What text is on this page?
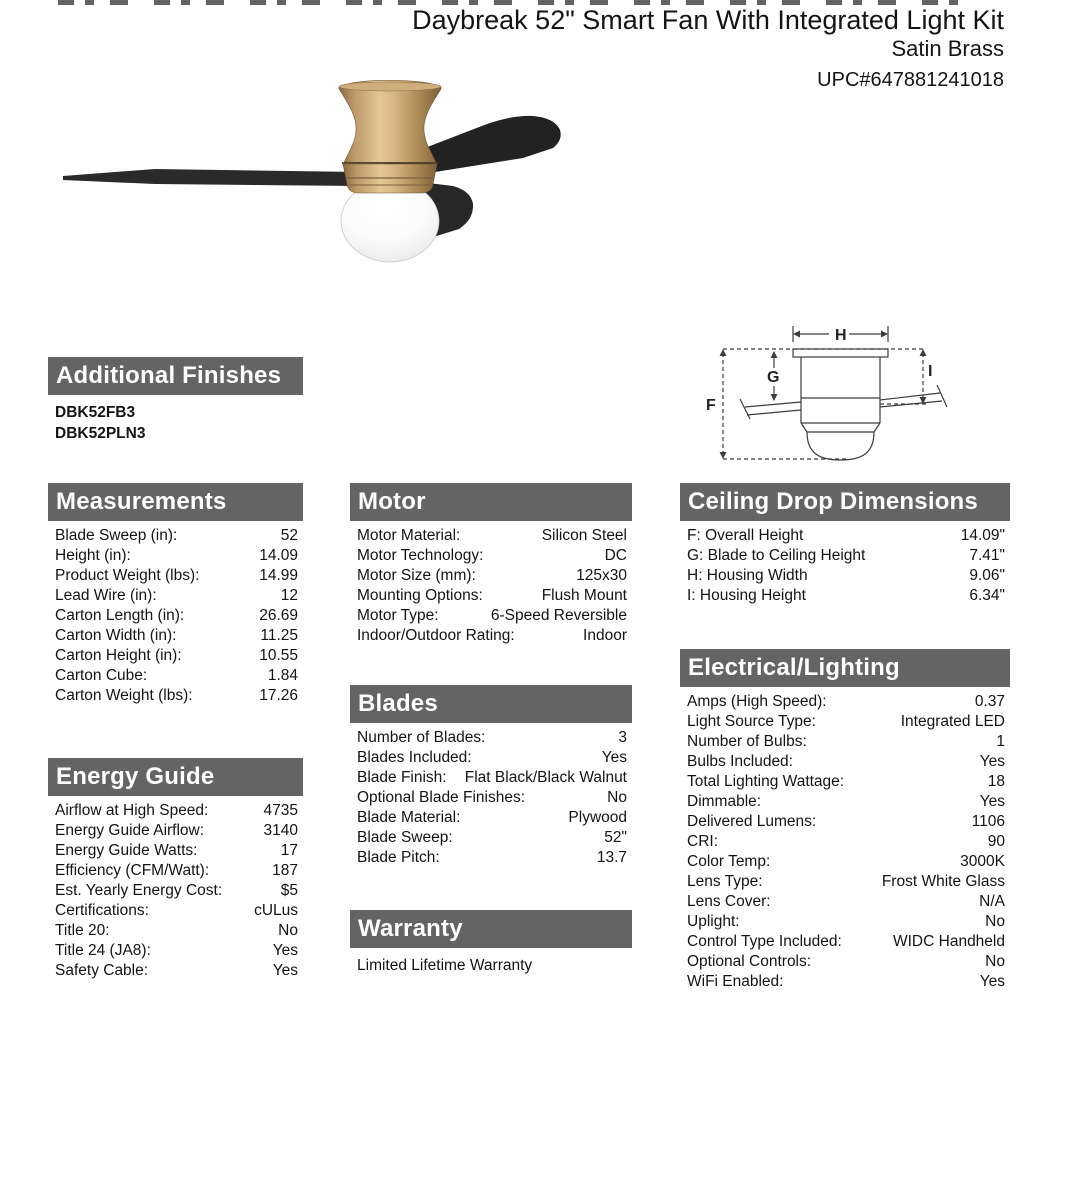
Daybreak 52" Smart Fan With Integrated Light Kit
Satin Brass
UPC#647881241018
H
F
G	I
Additional Finishes
DBK52FB3
DBK52PLN3
Measurements
Blade Sweep (in):	52
Height (in):	14.09
Product Weight (lbs):	14.99
Lead Wire (in):	12
Carton Length (in):	26.69
Carton Width (in):	11.25
Carton Height (in):	10.55
Carton Cube:	1.84
Carton Weight (lbs):	17.26
Energy Guide
Airflow at High Speed:	4735
Energy Guide Airflow:	3140
Energy Guide Watts:	17
Efficiency (CFM/Watt):	187
Est. Yearly Energy Cost:	$5
Certifications:	cULus
Title 20:	No
Title 24 (JA8):	Yes
Safety Cable:	Yes
Motor
Motor Material:	Silicon Steel
Motor Technology:	DC
Motor Size (mm):	125x30
Mounting Options:	Flush Mount
Motor Type:	6-Speed Reversible
Indoor/Outdoor Rating:	Indoor
Blades
Number of Blades:	3
Blades Included:	Yes
Blade Finish: Flat Black/Black Walnut
Optional Blade Finishes:	No
Blade Material:	Plywood
Blade Sweep:	52"
Blade Pitch:	13.7
Warranty
Limited Lifetime Warranty
Ceiling Drop Dimensions
F: Overall Height	14.09"
G: Blade to Ceiling Height	7.41"
H: Housing Width	9.06"
I: Housing Height	6.34"
Electrical/Lighting
Amps (High Speed):	0.37
Light Source Type:	Integrated LED
Number of Bulbs:	1
Bulbs Included:	Yes
Total Lighting Wattage:	18
Dimmable:	Yes
Delivered Lumens:	1106
CRI:	90
Color Temp:	3000K
Lens Type:	Frost White Glass
Lens Cover:	N/A
Uplight:	No
Control Type Included:	WIDC Handheld
Optional Controls:	No
WiFi Enabled:	Yes
